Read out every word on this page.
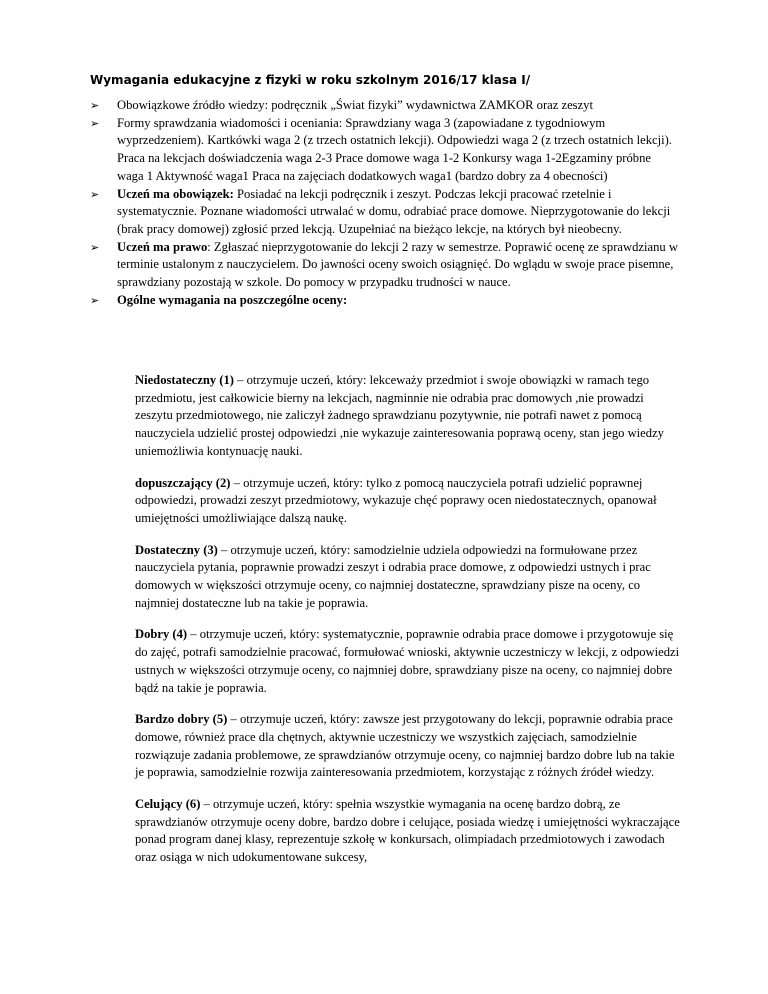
Wymagania edukacyjne z fizyki w roku szkolnym 2016/17 klasa I/
➢ Obowiązkowe źródło wiedzy: podręcznik „Świat fizyki” wydawnictwa ZAMKOR oraz zeszyt
➢ Formy sprawdzania wiadomości i oceniania: Sprawdziany waga 3 (zapowiadane z tygodniowym wyprzedzeniem). Kartkówki waga 2 (z trzech ostatnich lekcji). Odpowiedzi waga 2 (z trzech ostatnich lekcji). Praca na lekcjach doświadczenia waga 2-3 Prace domowe waga 1-2 Konkursy waga 1-2Egzaminy próbne waga 1 Aktywność waga1 Praca na zajęciach dodatkowych waga1 (bardzo dobry za 4 obecności)
➢ Uczeń ma obowiązek: Posiadać na lekcji podręcznik i zeszyt. Podczas lekcji pracować rzetelnie i systematycznie. Poznane wiadomości utrwalać w domu, odrabiać prace domowe. Nieprzygotowanie do lekcji (brak pracy domowej) zgłosić przed lekcją. Uzupełniać na bieżąco lekcje, na których był nieobecny.
➢ Uczeń ma prawo: Zgłaszać nieprzygotowanie do lekcji 2 razy w semestrze. Poprawić ocenę ze sprawdzianu w terminie ustalonym z nauczycielem. Do jawności oceny swoich osiągnięć. Do wglądu w swoje prace pisemne, sprawdziany pozostają w szkole. Do pomocy w przypadku trudności w nauce.
➢ Ogólne wymagania na poszczególne oceny:

Niedostateczny (1) – otrzymuje uczeń, który: lekceważy przedmiot i swoje obowiązki w ramach tego przedmiotu, jest całkowicie bierny na lekcjach, nagminnie nie odrabia prac domowych ,nie prowadzi zeszytu przedmiotowego, nie zaliczył żadnego sprawdzianu pozytywnie, nie potrafi nawet z pomocą nauczyciela udzielić prostej odpowiedzi ,nie wykazuje zainteresowania poprawą oceny, stan jego wiedzy uniemożliwia kontynuację nauki.

dopuszczający (2) – otrzymuje uczeń, który: tylko z pomocą nauczyciela potrafi udzielić poprawnej odpowiedzi, prowadzi zeszyt przedmiotowy, wykazuje chęć poprawy ocen niedostatecznych, opanował umiejętności umożliwiające dalszą naukę.

Dostateczny (3) – otrzymuje uczeń, który: samodzielnie udziela odpowiedzi na formułowane przez nauczyciela pytania, poprawnie prowadzi zeszyt i odrabia prace domowe, z odpowiedzi ustnych i prac domowych w większości otrzymuje oceny, co najmniej dostateczne, sprawdziany pisze na oceny, co najmniej dostateczne lub na takie je poprawia.

Dobry (4) – otrzymuje uczeń, który: systematycznie, poprawnie odrabia prace domowe i przygotowuje się do zajęć, potrafi samodzielnie pracować, formułować wnioski, aktywnie uczestniczy w lekcji, z odpowiedzi ustnych w większości otrzymuje oceny, co najmniej dobre, sprawdziany pisze na oceny, co najmniej dobre bądź na takie je poprawia.

Bardzo dobry (5) – otrzymuje uczeń, który: zawsze jest przygotowany do lekcji, poprawnie odrabia prace domowe, również prace dla chętnych, aktywnie uczestniczy we wszystkich zajęciach, samodzielnie rozwiązuje zadania problemowe, ze sprawdzianów otrzymuje oceny, co najmniej bardzo dobre lub na takie je poprawia, samodzielnie rozwija zainteresowania przedmiotem, korzystając z różnych źródeł wiedzy.

Celujący (6) – otrzymuje uczeń, który: spełnia wszystkie wymagania na ocenę bardzo dobrą, ze sprawdzianów otrzymuje oceny dobre, bardzo dobre i celujące, posiada wiedzę i umiejętności wykraczające ponad program danej klasy, reprezentuje szkołę w konkursach, olimpiadach przedmiotowych i zawodach oraz osiąga w nich udokumentowane sukcesy,
